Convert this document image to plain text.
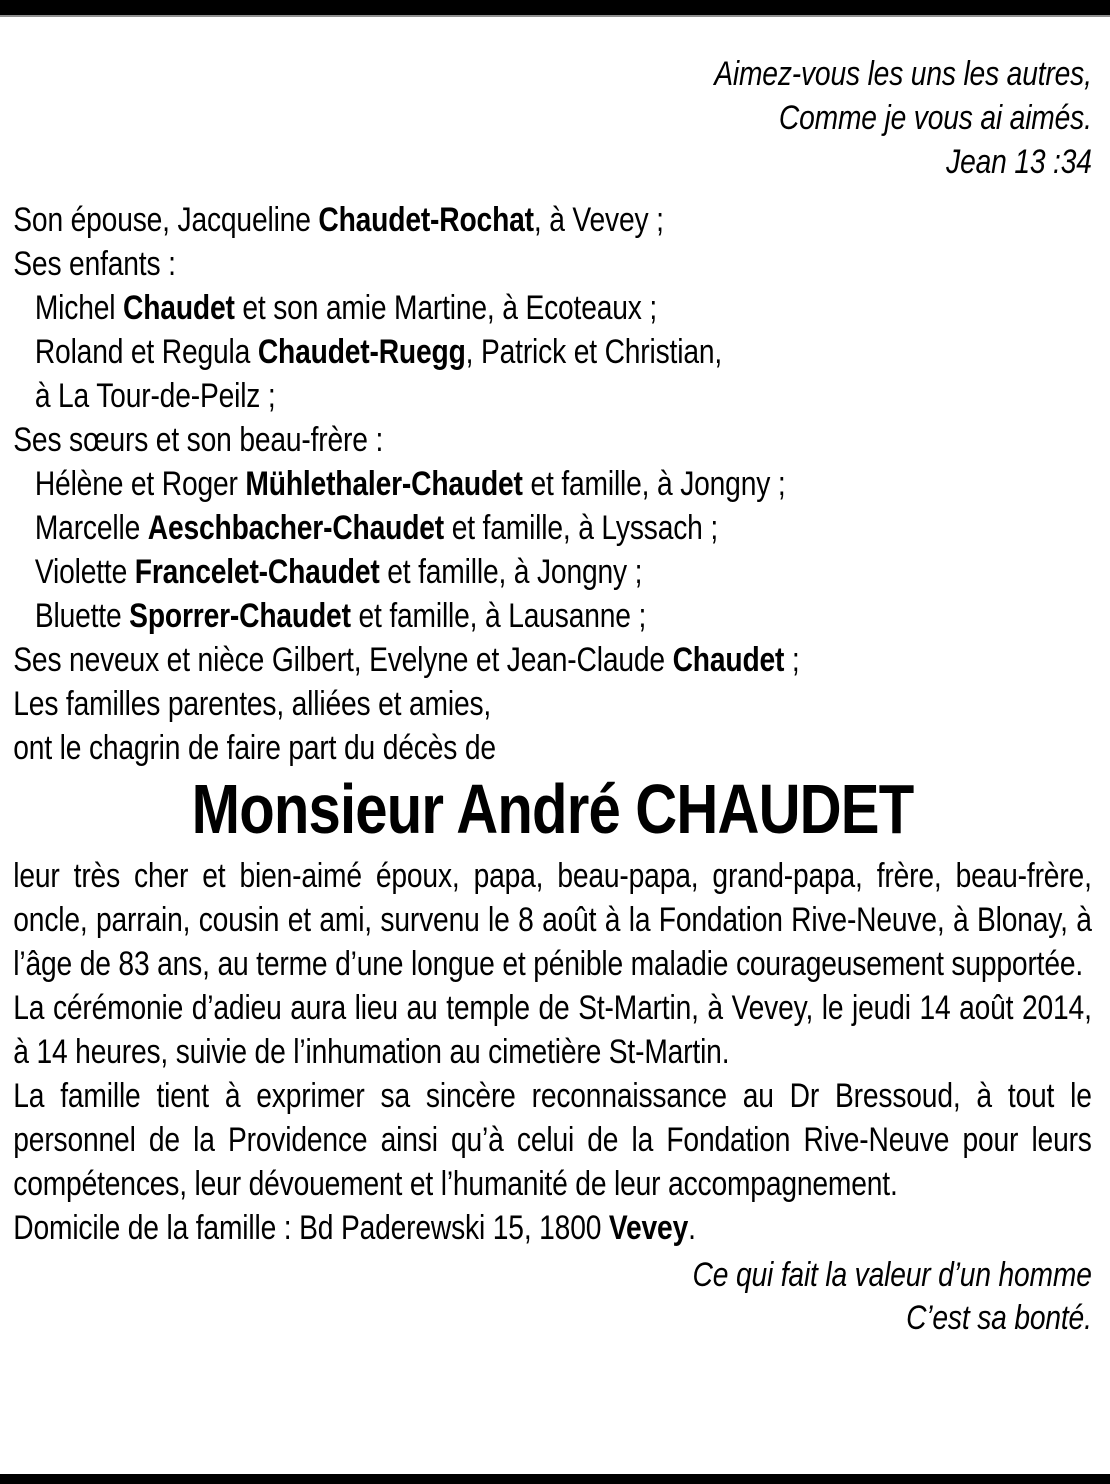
Aimez-vous les uns les autres,
Comme je vous ai aimés.
Jean 13 :34
Son épouse, Jacqueline Chaudet-Rochat, à Vevey ;
Ses enfants :
Michel Chaudet et son amie Martine, à Ecoteaux ;
Roland et Regula Chaudet-Ruegg, Patrick et Christian,
à La Tour-de-Peilz ;
Ses sœurs et son beau-frère :
Hélène et Roger Mühlethaler-Chaudet et famille, à Jongny ;
Marcelle Aeschbacher-Chaudet et famille, à Lyssach ;
Violette Francelet-Chaudet et famille, à Jongny ;
Bluette Sporrer-Chaudet et famille, à Lausanne ;
Ses neveux et nièce Gilbert, Evelyne et Jean-Claude Chaudet ;
Les familles parentes, alliées et amies,
ont le chagrin de faire part du décès de
Monsieur André CHAUDET

leur très cher et bien-aimé époux, papa, beau-papa, grand-papa, frère, beau-frère, oncle, parrain, cousin et ami, survenu le 8 août à la Fondation Rive-Neuve, à Blonay, à l’âge de 83 ans, au terme d’une longue et pénible maladie courageusement supportée.

La cérémonie d’adieu aura lieu au temple de St-Martin, à Vevey, le jeudi 14 août 2014, à 14 heures, suivie de l’inhumation au cimetière St-Martin.

La famille tient à exprimer sa sincère reconnaissance au Dr Bressoud, à tout le personnel de la Providence ainsi qu’à celui de la Fondation Rive-Neuve pour leurs compétences, leur dévouement et l’humanité de leur accompagnement.

Domicile de la famille : Bd Paderewski 15, 1800 Vevey.
Ce qui fait la valeur d’un homme
C’est sa bonté.
